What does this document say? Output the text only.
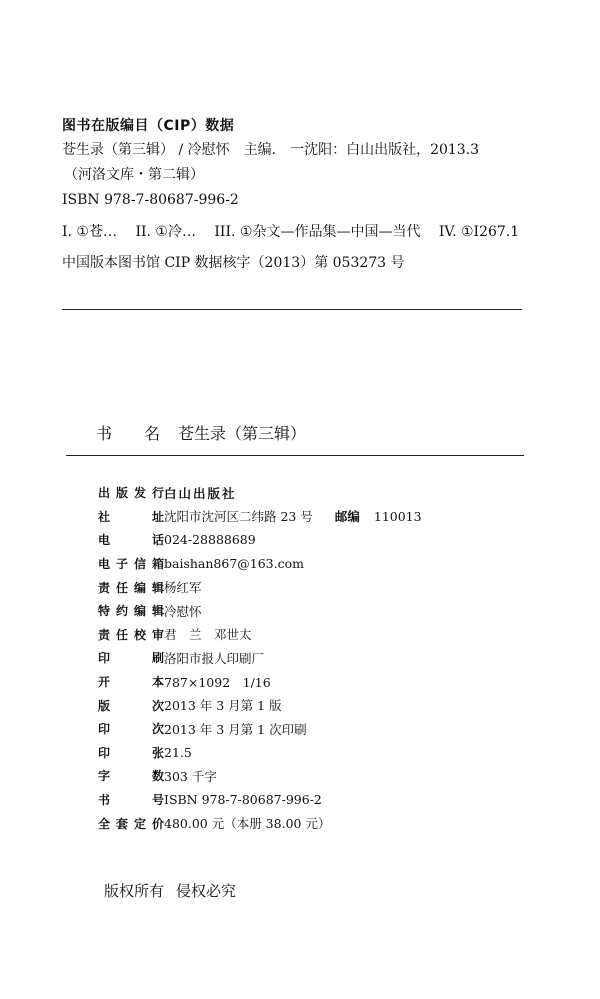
图书在版编目（CIP）数据
苍生录（第三辑） / 冷慰怀　主编． 一沈阳：白山出版社，2013.3
（河洛文库・第二辑）
ISBN 978-7-80687-996-2
I. ①苍… II. ①冷… III. ①杂文—作品集—中国—当代 IV. ①I267.1
中国版本图书馆 CIP 数据核字（2013）第 053273 号
书 名 苍生录（第三辑）
出 版 发 行 白山出版社
社	址 沈阳市沈河区二纬路 23 号 邮编 110013
电	话 024-28888689
电 子 信 箱 baishan867@163.com
责 任 编 辑 杨红军
特 约 编 辑 冷慰怀
责 任 校 审 君　兰　邓世太
印	刷 洛阳市报人印刷厂
开	本 787×1092　1/16
版	次 2013 年 3 月第 1 版
印	次 2013 年 3 月第 1 次印刷
印	张 21.5
字	数 303 千字
书	号 ISBN 978-7-80687-996-2
全 套 定 价 480.00 元（本册 38.00 元）
版权所有 侵权必究
